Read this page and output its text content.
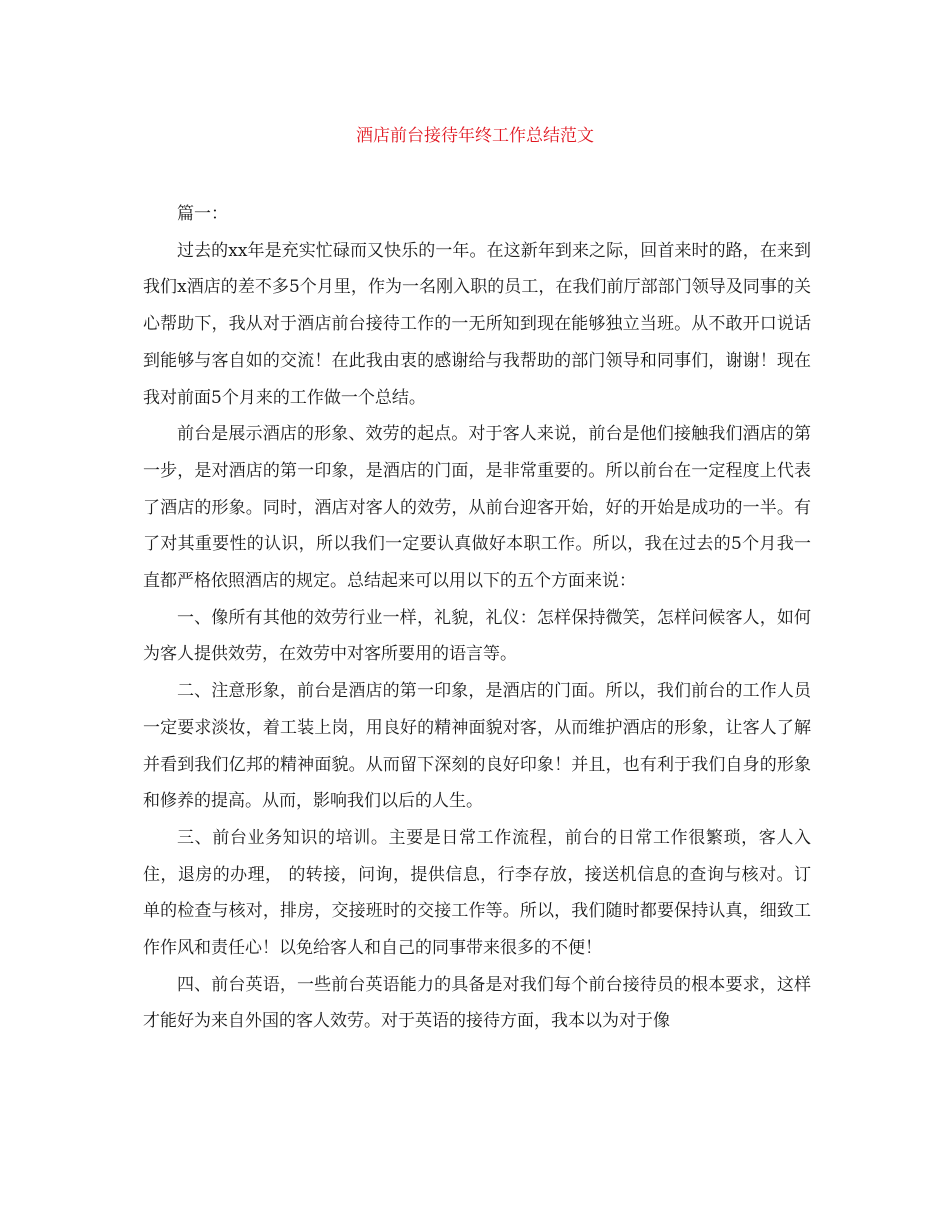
酒店前台接待年终工作总结范文

篇一：

过去的xx年是充实忙碌而又快乐的一年。在这新年到来之际，回首来时的路，在来到我们x酒店的差不多5个月里，作为一名刚入职的员工，在我们前厅部部门领导及同事的关心帮助下，我从对于酒店前台接待工作的一无所知到现在能够独立当班。从不敢开口说话到能够与客自如的交流！在此我由衷的感谢给与我帮助的部门领导和同事们，谢谢！现在我对前面5个月来的工作做一个总结。

前台是展示酒店的形象、效劳的起点。对于客人来说，前台是他们接触我们酒店的第一步，是对酒店的第一印象，是酒店的门面，是非常重要的。所以前台在一定程度上代表了酒店的形象。同时，酒店对客人的效劳，从前台迎客开始，好的开始是成功的一半。有了对其重要性的认识，所以我们一定要认真做好本职工作。所以，我在过去的5个月我一直都严格依照酒店的规定。总结起来可以用以下的五个方面来说：

一、像所有其他的效劳行业一样，礼貌，礼仪：怎样保持微笑，怎样问候客人，如何为客人提供效劳，在效劳中对客所要用的语言等。

二、注意形象，前台是酒店的第一印象，是酒店的门面。所以，我们前台的工作人员一定要求淡妆，着工装上岗，用良好的精神面貌对客，从而维护酒店的形象，让客人了解并看到我们亿邦的精神面貌。从而留下深刻的良好印象！并且，也有利于我们自身的形象和修养的提高。从而，影响我们以后的人生。

三、前台业务知识的培训。主要是日常工作流程，前台的日常工作很繁琐，客人入住，退房的办理， 的转接，问询，提供信息，行李存放，接送机信息的查询与核对。订单的检查与核对，排房，交接班时的交接工作等。所以，我们随时都要保持认真，细致工作作风和责任心！以免给客人和自己的同事带来很多的不便！

四、前台英语，一些前台英语能力的具备是对我们每个前台接待员的根本要求，这样才能好为来自外国的客人效劳。对于英语的接待方面，我本以为对于像
